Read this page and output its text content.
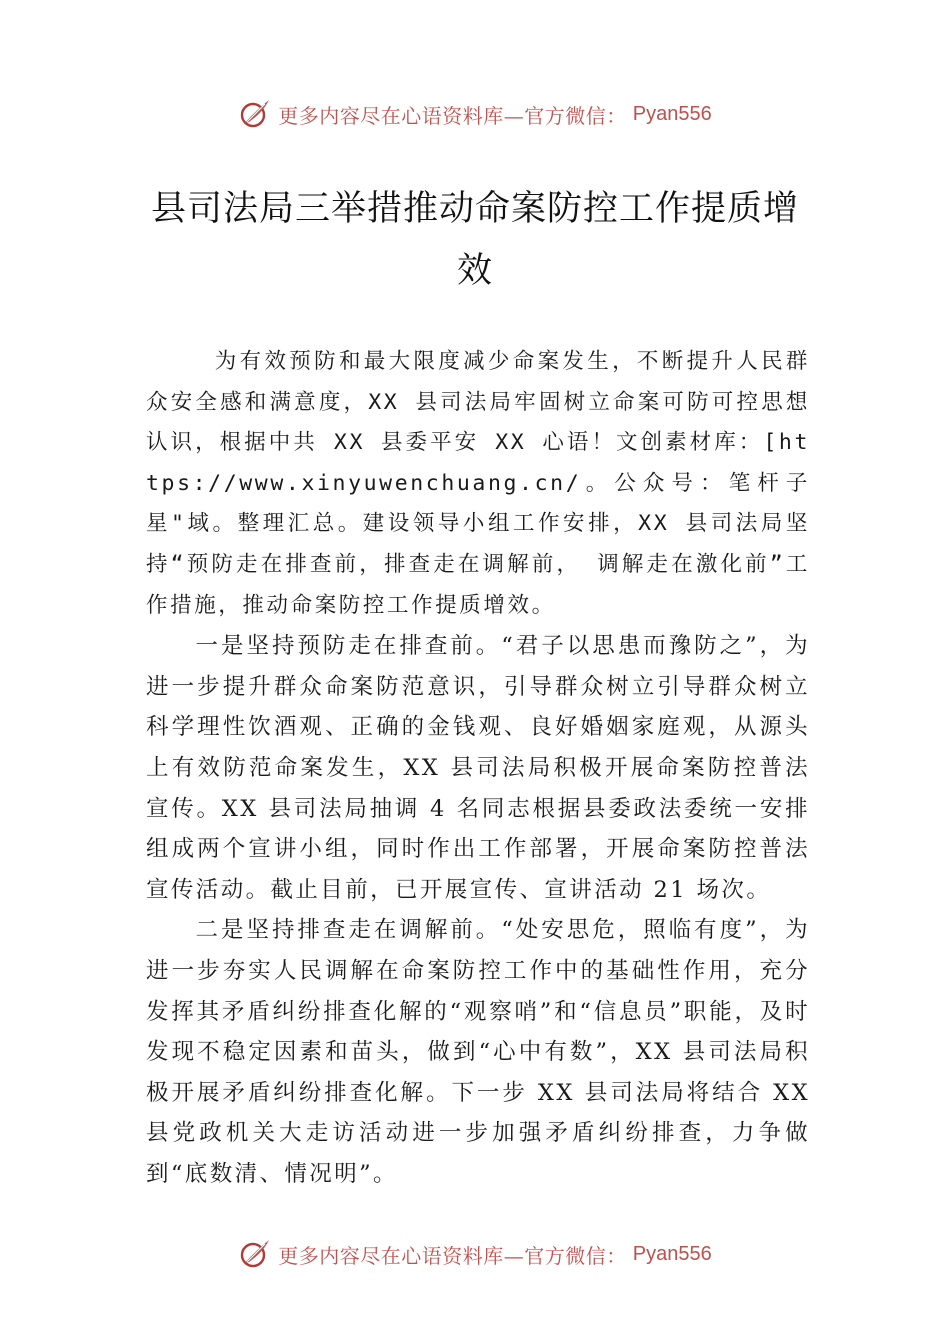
更多内容尽在心语资料库—官方微信： Pyan556
县司法局三举措推动命案防控工作提质增效

为有效预防和最大限度减少命案发生，不断提升人民群众安全感和满意度，XX 县司法局牢固树立命案可防可控思想认识，根据中共 XX 县委平安 XX 心语！文创素材库：[https://www.xinyuwenchuang.cn/。公众号：笔杆子星"域。整理汇总。建设领导小组工作安排，XX 县司法局坚持“预防走在排查前，排查走在调解前， 调解走在激化前”工作措施，推动命案防控工作提质增效。

一是坚持预防走在排查前。“君子以思患而豫防之”，为进一步提升群众命案防范意识，引导群众树立引导群众树立科学理性饮酒观、正确的金钱观、良好婚姻家庭观，从源头上有效防范命案发生，XX 县司法局积极开展命案防控普法宣传。XX 县司法局抽调 4 名同志根据县委政法委统一安排组成两个宣讲小组，同时作出工作部署，开展命案防控普法宣传活动。截止目前，已开展宣传、宣讲活动 21 场次。

二是坚持排查走在调解前。“处安思危，照临有度”，为进一步夯实人民调解在命案防控工作中的基础性作用，充分发挥其矛盾纠纷排查化解的“观察哨”和“信息员”职能，及时发现不稳定因素和苗头，做到“心中有数”，XX 县司法局积极开展矛盾纠纷排查化解。下一步 XX 县司法局将结合 XX 县党政机关大走访活动进一步加强矛盾纠纷排查，力争做到“底数清、情况明”。

更多内容尽在心语资料库—官方微信： Pyan556
